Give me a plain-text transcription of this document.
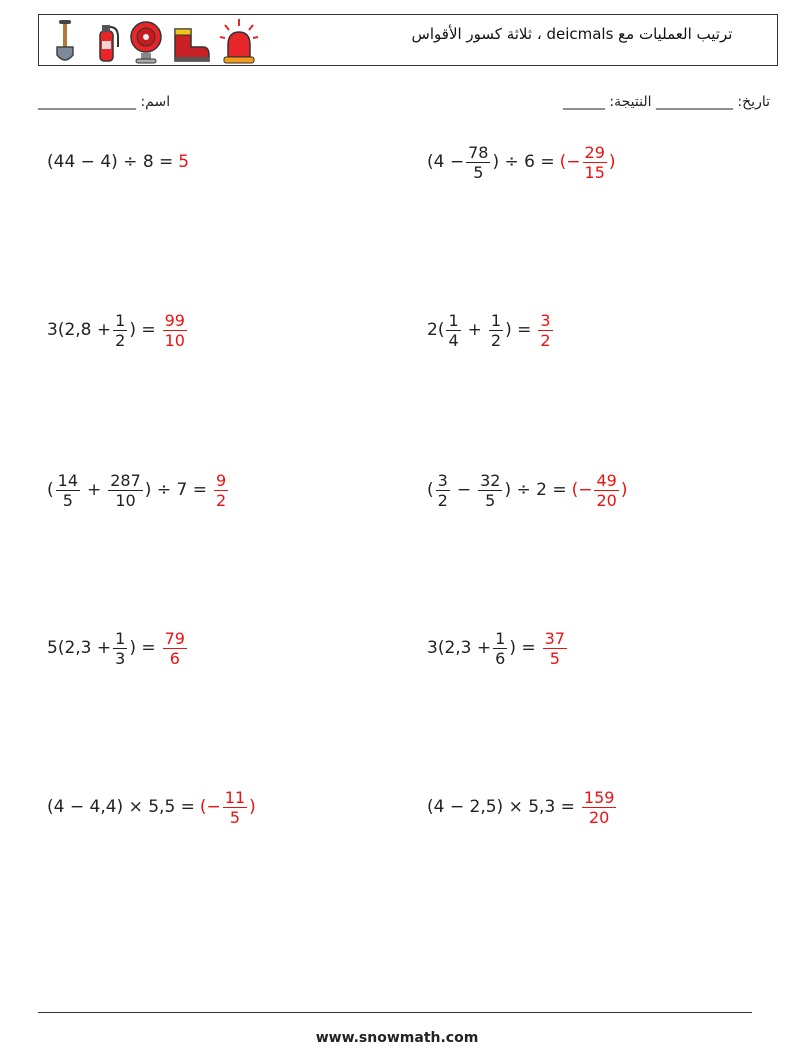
ترتيب العمليات مع deicmals ، ثلاثة كسور الأقواس
______________ :اسم	______ :تاريخ: ___________ النتيجة
(44 − 4) ÷ 8 = 5	($4 - \frac{78}{5}$ ) ÷ 6 = (− $\frac{29}{15}$ )
$3(2,8 + \frac{1}{2}$ ) = $\frac{99}{10}$	$2( \frac{1}{4} + \frac{1}{2}$ ) = $\frac{3}{2}$
( $\frac{14}{5} + \frac{287}{10}$ ) ÷ $7 = \frac{9}{2}$	( $\frac{3}{2} - \frac{32}{5}$ ) ÷ 2 = (− $\frac{49}{20}$ )
$5(2,3 + \frac{1}{3}$ ) = $\frac{79}{6}$	$3(2,3 + \frac{1}{6}$ ) = $\frac{37}{5}$
(4 − 4,4) × 5,5 = (− $\frac{11}{5}$ )	$(4 - 2,5) \times 5,3 = \frac{159}{20}$
www.snowmath.com
